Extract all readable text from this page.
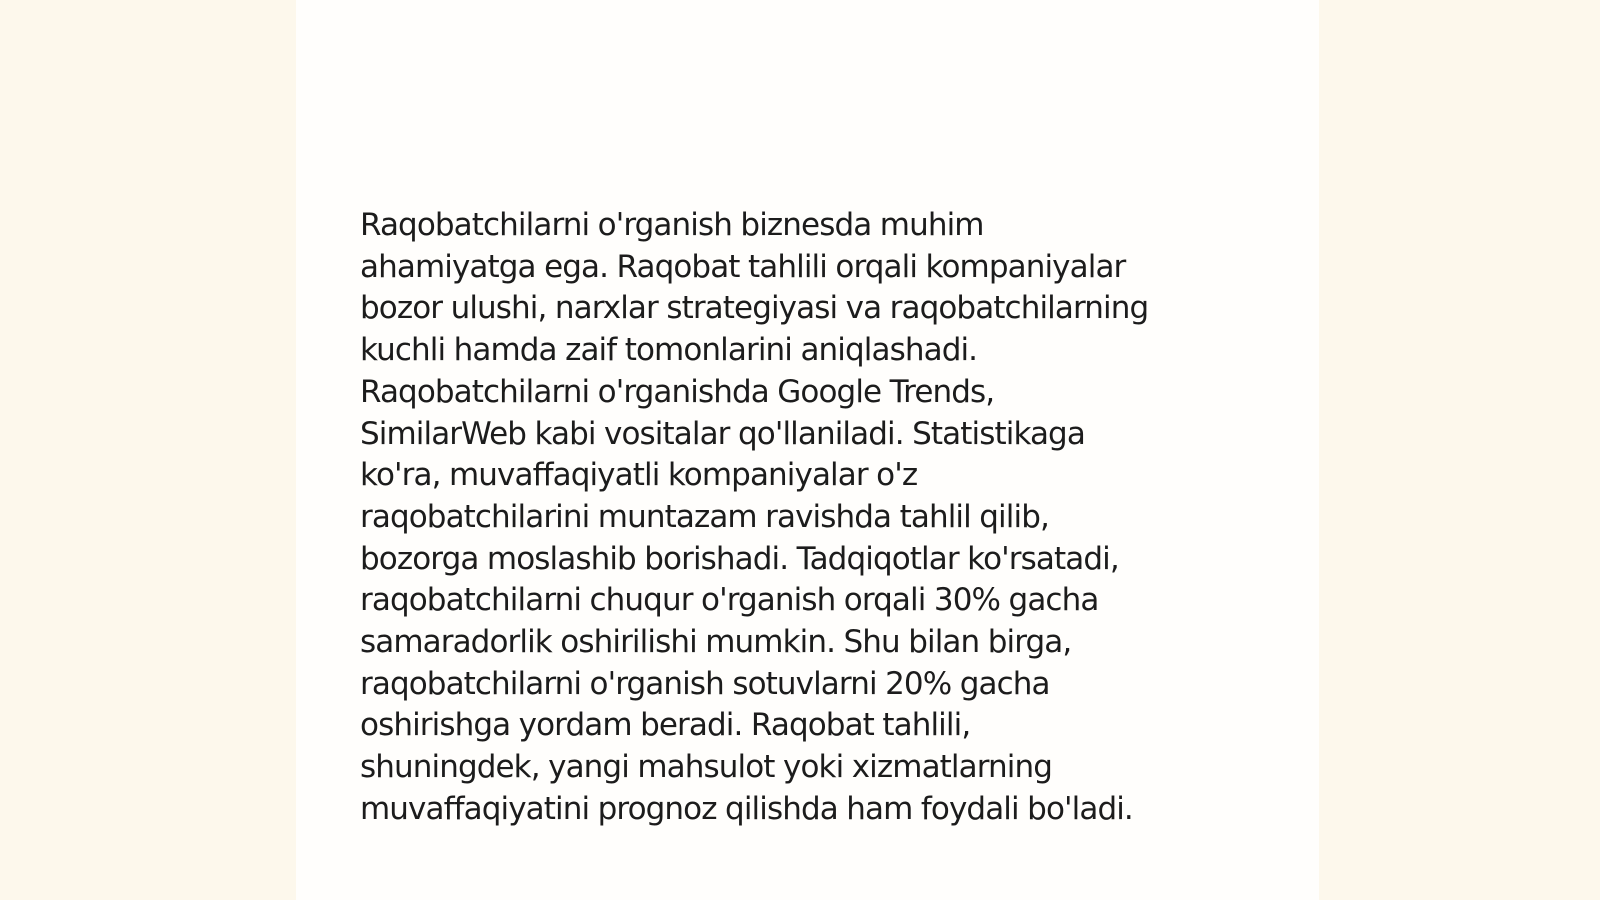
Raqobatchilarni o'rganish biznesda muhim
ahamiyatga ega. Raqobat tahlili orqali kompaniyalar
bozor ulushi, narxlar strategiyasi va raqobatchilarning
kuchli hamda zaif tomonlarini aniqlashadi.
Raqobatchilarni o'rganishda Google Trends,
SimilarWeb kabi vositalar qo'llaniladi. Statistikaga
ko'ra, muvaffaqiyatli kompaniyalar o'z
raqobatchilarini muntazam ravishda tahlil qilib,
bozorga moslashib borishadi. Tadqiqotlar ko'rsatadi,
raqobatchilarni chuqur o'rganish orqali 30% gacha
samaradorlik oshirilishi mumkin. Shu bilan birga,
raqobatchilarni o'rganish sotuvlarni 20% gacha
oshirishga yordam beradi. Raqobat tahlili,
shuningdek, yangi mahsulot yoki xizmatlarning
muvaffaqiyatini prognoz qilishda ham foydali bo'ladi.
